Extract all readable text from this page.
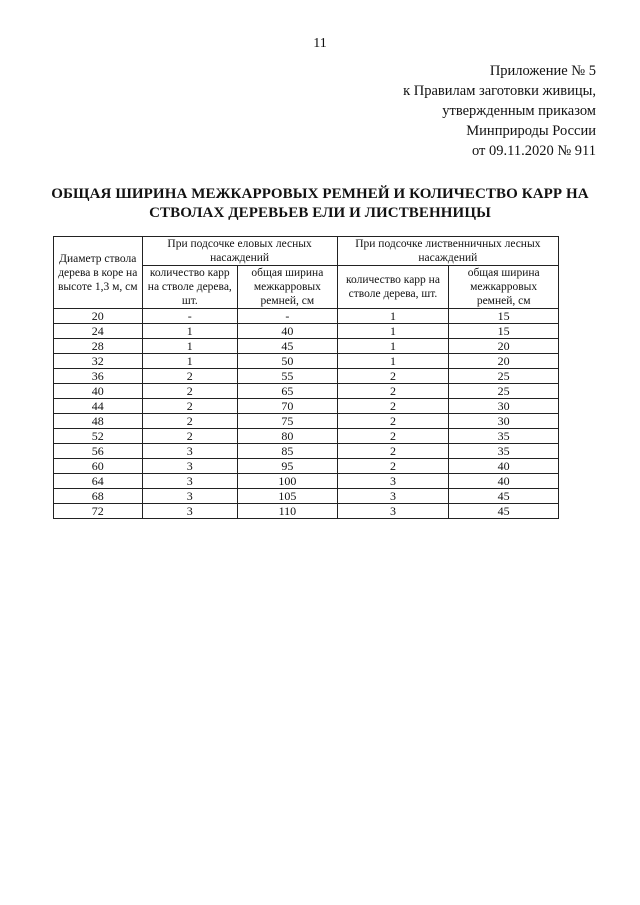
11
Приложение № 5
к Правилам заготовки живицы,
утвержденным приказом
Минприроды России
от 09.11.2020 № 911
ОБЩАЯ ШИРИНА МЕЖКАРРОВЫХ РЕМНЕЙ И КОЛИЧЕСТВО КАРР НА
СТВОЛАХ ДЕРЕВЬЕВ ЕЛИ И ЛИСТВЕННИЦЫ
Диаметр ствола дерева в коре на высоте 1,3 м, см	При подсочке еловых лесных насаждений		При подсочке лиственничных лесных насаждений	
	количество карр на стволе дерева, шт.	общая ширина межкарровых ремней, см	количество карр на стволе дерева, шт.	общая ширина межкарровых ремней, см
20	-	-	1	15
24	1	40	1	15
28	1	45	1	20
32	1	50	1	20
36	2	55	2	25
40	2	65	2	25
44	2	70	2	30
48	2	75	2	30
52	2	80	2	35
56	3	85	2	35
60	3	95	2	40
64	3	100	3	40
68	3	105	3	45
72	3	110	3	45
